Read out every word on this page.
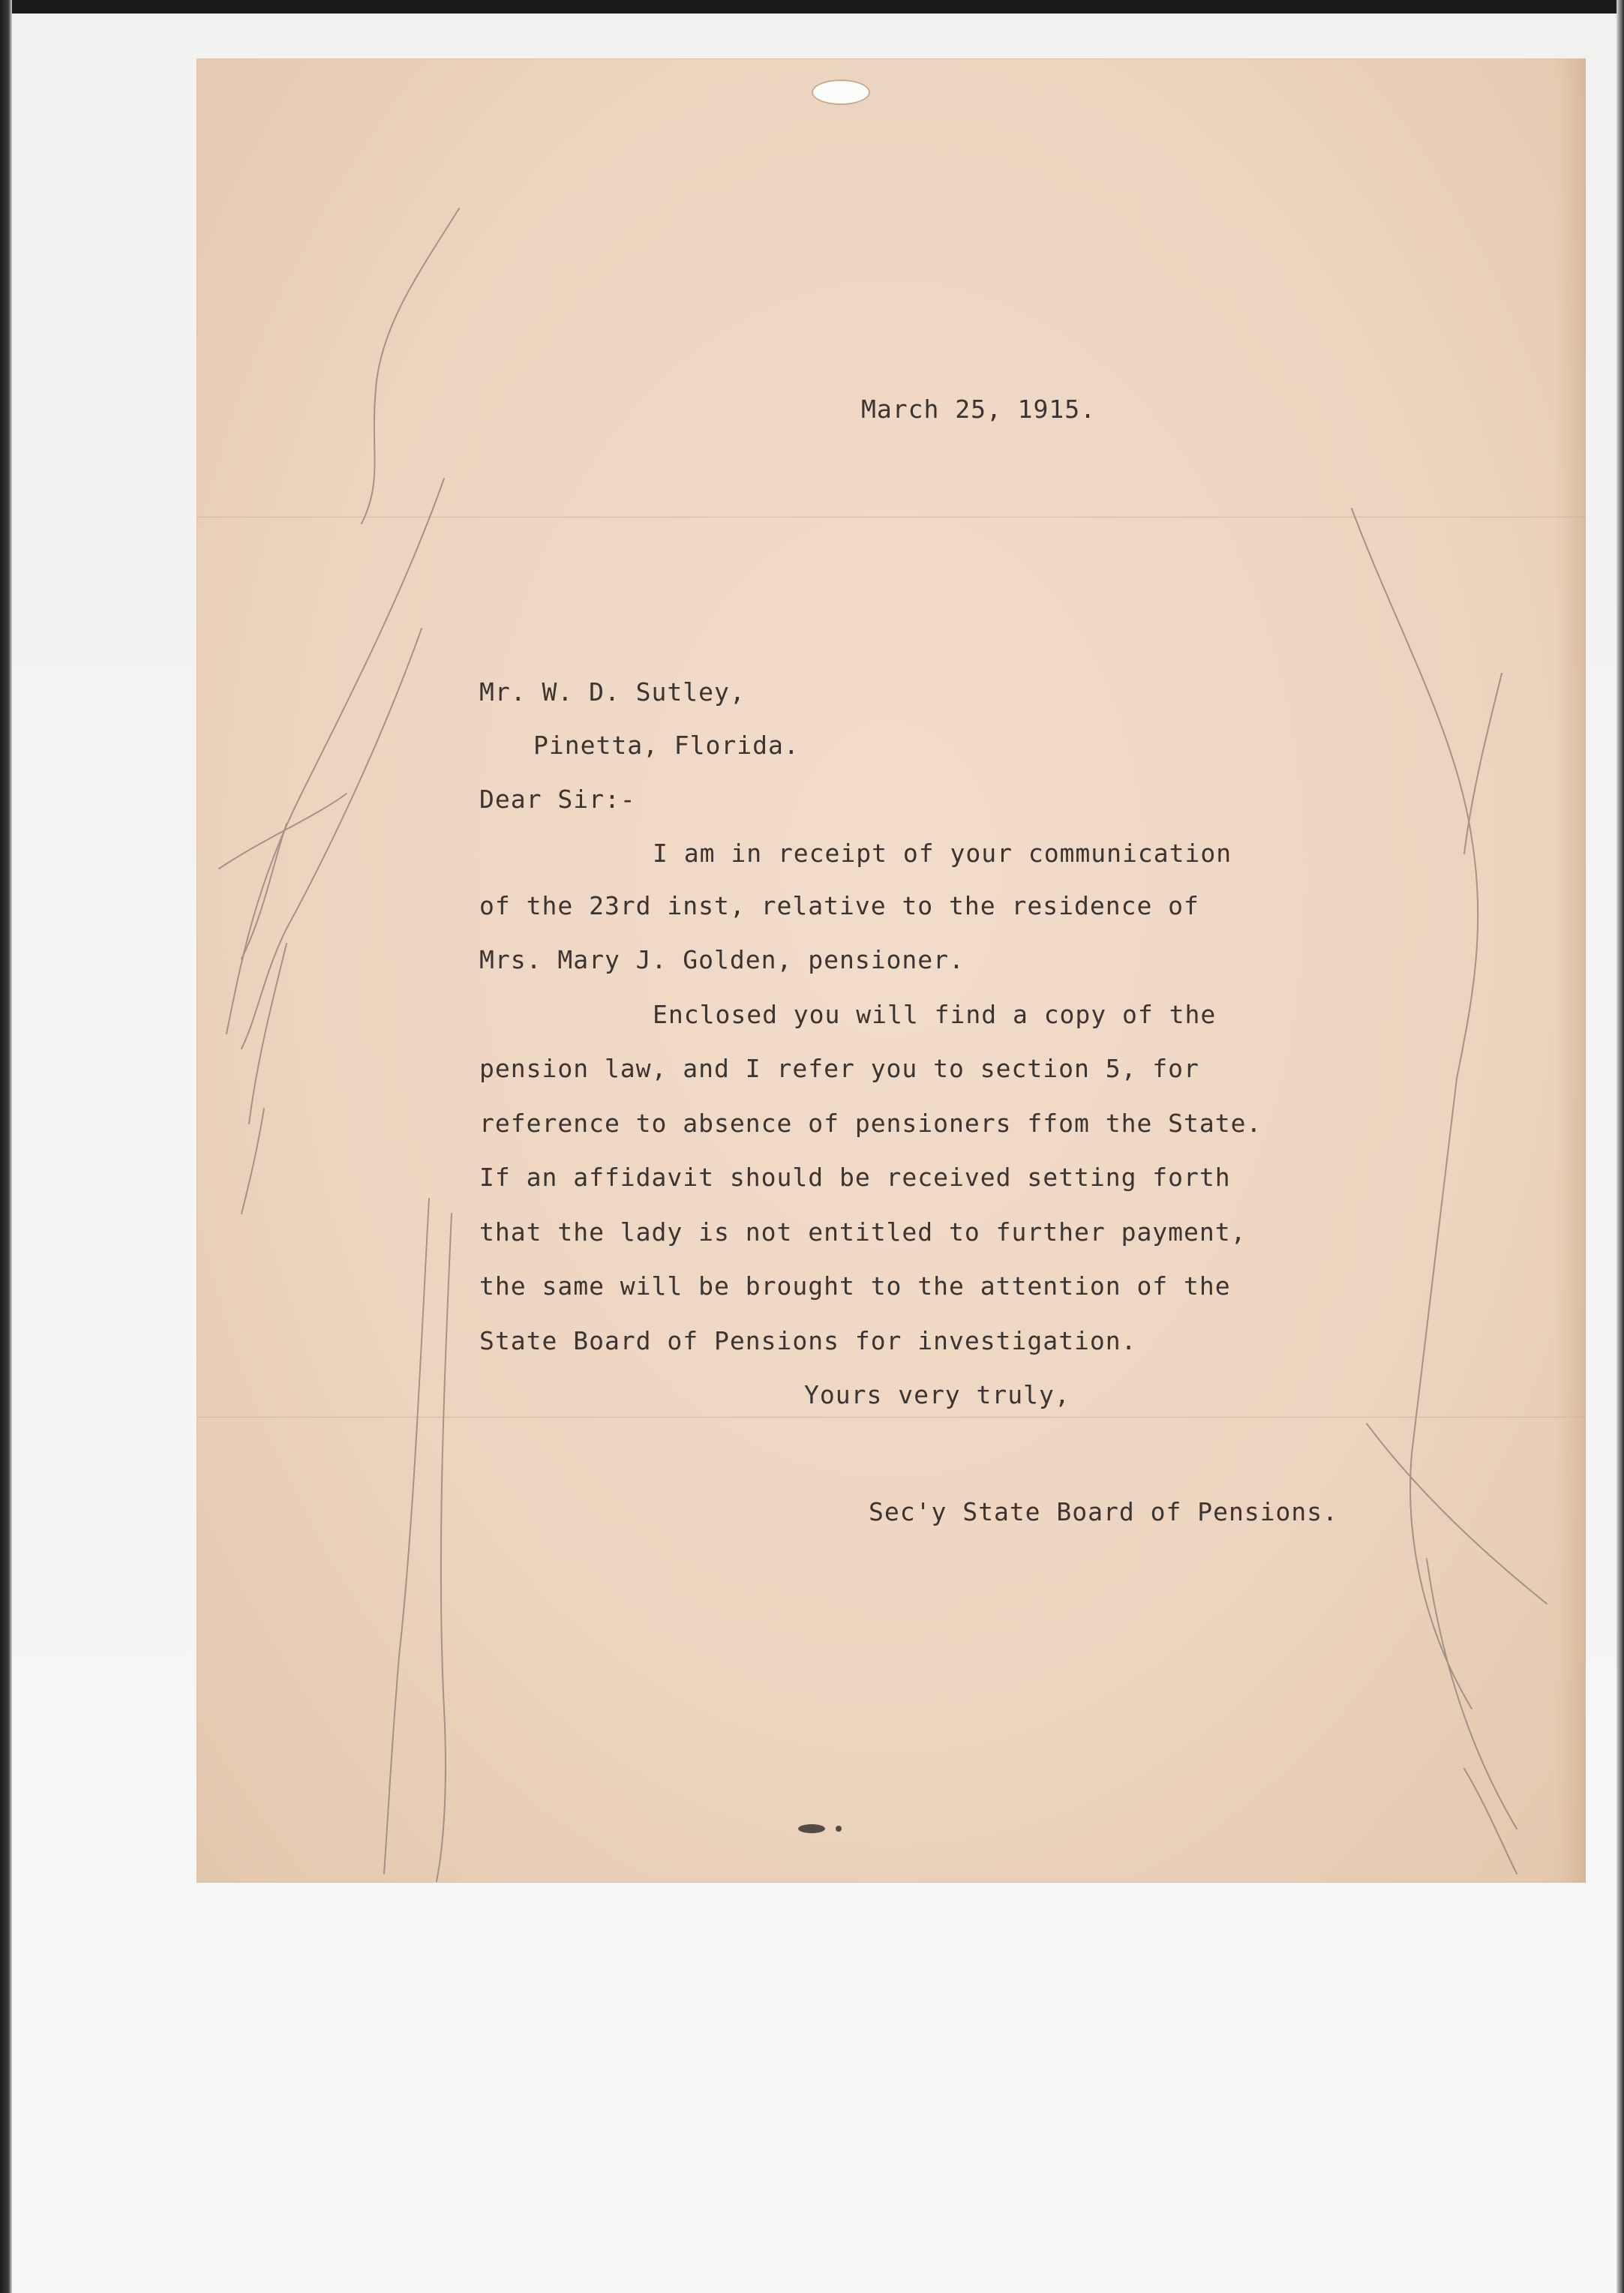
March 25, 1915.
Mr. W. D. Sutley,
Pinetta, Florida.
Dear Sir:-
I am in receipt of your communication
of the 23rd inst, relative to the residence of
Mrs. Mary J. Golden, pensioner.
Enclosed you will find a copy of the
pension law, and I refer you to section 5, for
reference to absence of pensioners ffom the State.
If an affidavit should be received setting forth
that the lady is not entitled to further payment,
the same will be brought to the attention of the
State Board of Pensions for investigation.
Yours very truly,
Sec'y State Board of Pensions.
